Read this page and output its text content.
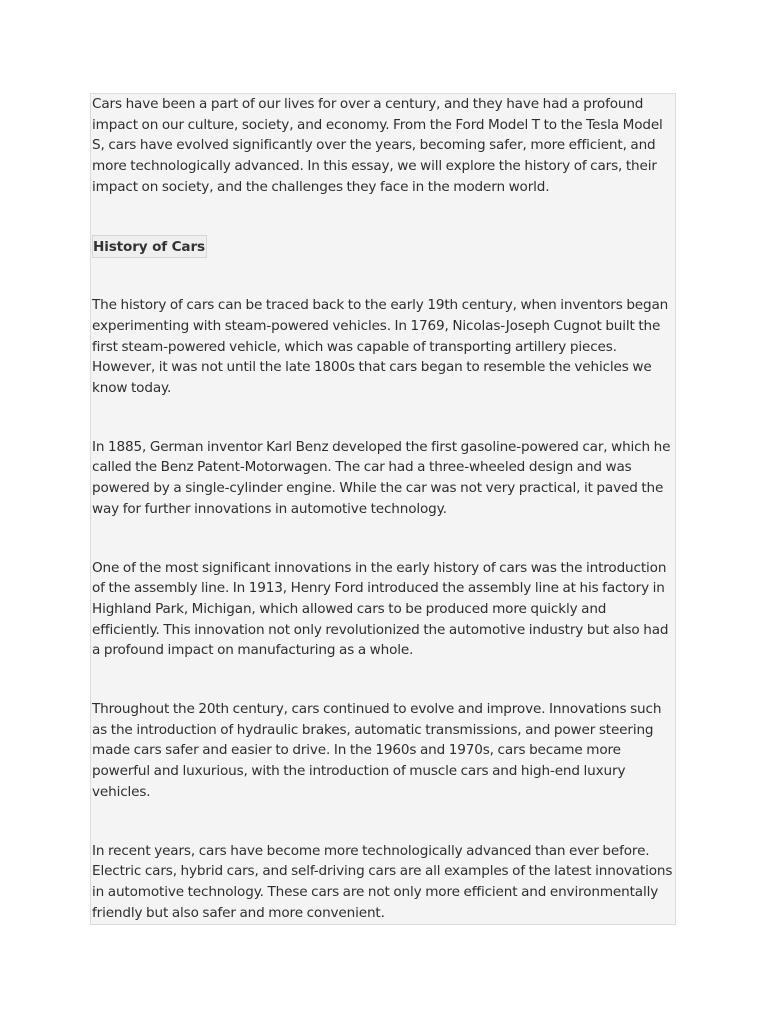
Cars have been a part of our lives for over a century, and they have had a profound impact on our culture, society, and economy. From the Ford Model T to the Tesla Model S, cars have evolved significantly over the years, becoming safer, more efficient, and more technologically advanced. In this essay, we will explore the history of cars, their impact on society, and the challenges they face in the modern world.

History of Cars

The history of cars can be traced back to the early 19th century, when inventors began experimenting with steam-powered vehicles. In 1769, Nicolas-Joseph Cugnot built the first steam-powered vehicle, which was capable of transporting artillery pieces. However, it was not until the late 1800s that cars began to resemble the vehicles we know today.

In 1885, German inventor Karl Benz developed the first gasoline-powered car, which he called the Benz Patent-Motorwagen. The car had a three-wheeled design and was powered by a single-cylinder engine. While the car was not very practical, it paved the way for further innovations in automotive technology.

One of the most significant innovations in the early history of cars was the introduction of the assembly line. In 1913, Henry Ford introduced the assembly line at his factory in Highland Park, Michigan, which allowed cars to be produced more quickly and efficiently. This innovation not only revolutionized the automotive industry but also had a profound impact on manufacturing as a whole.

Throughout the 20th century, cars continued to evolve and improve. Innovations such as the introduction of hydraulic brakes, automatic transmissions, and power steering made cars safer and easier to drive. In the 1960s and 1970s, cars became more powerful and luxurious, with the introduction of muscle cars and high-end luxury vehicles.

In recent years, cars have become more technologically advanced than ever before. Electric cars, hybrid cars, and self-driving cars are all examples of the latest innovations in automotive technology. These cars are not only more efficient and environmentally friendly but also safer and more convenient.
